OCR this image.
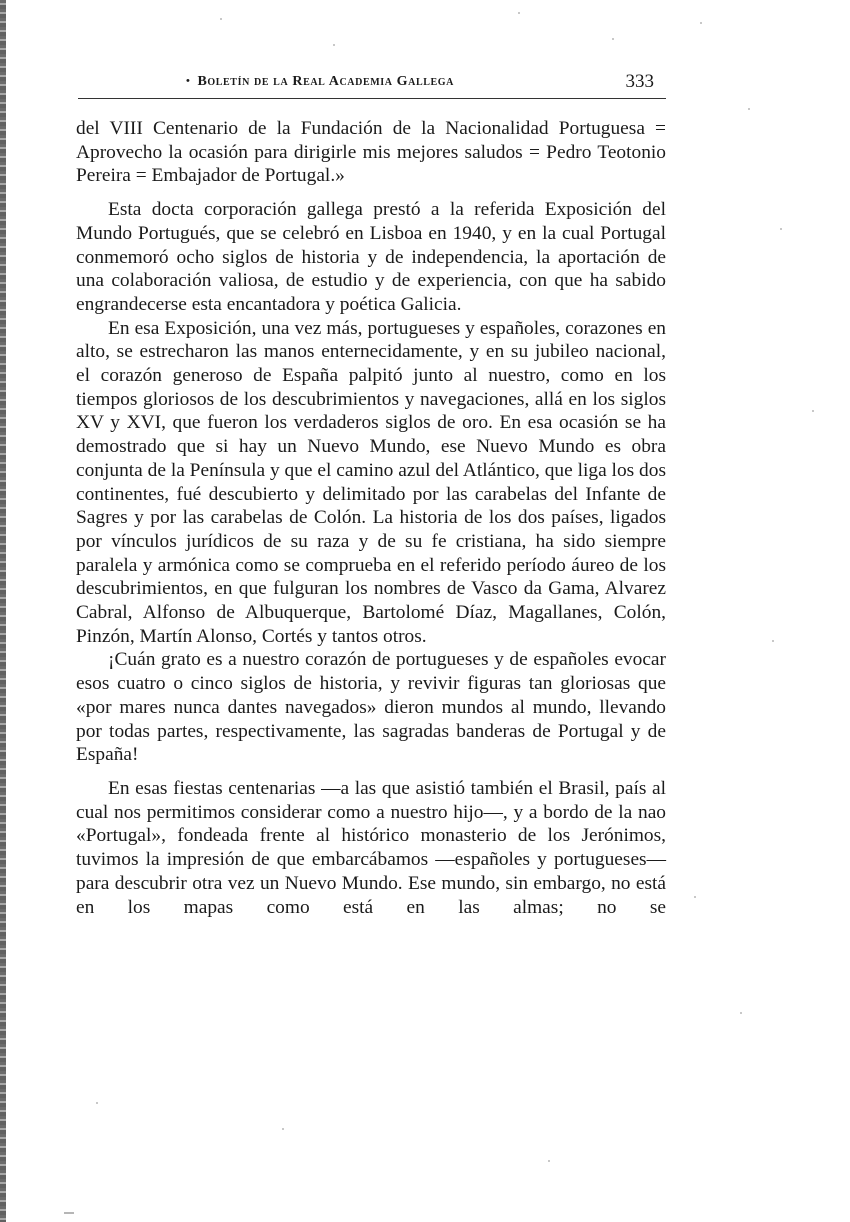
• Boletín de la Real Academia Gallega	333

del VIII Centenario de la Fundación de la Nacionalidad Portuguesa = Aprovecho la ocasión para dirigirle mis mejores saludos = Pedro Teotonio Pereira = Embajador de Portugal.»

Esta docta corporación gallega prestó a la referida Exposición del Mundo Portugués, que se celebró en Lisboa en 1940, y en la cual Portugal conmemoró ocho siglos de historia y de independencia, la aportación de una colaboración valiosa, de estudio y de experiencia, con que ha sabido engrandecerse esta encantadora y poética Galicia.

En esa Exposición, una vez más, portugueses y españoles, corazones en alto, se estrecharon las manos enternecidamente, y en su jubileo nacional, el corazón generoso de España palpitó junto al nuestro, como en los tiempos gloriosos de los descubrimientos y navegaciones, allá en los siglos XV y XVI, que fueron los verdaderos siglos de oro. En esa ocasión se ha demostrado que si hay un Nuevo Mundo, ese Nuevo Mundo es obra conjunta de la Península y que el camino azul del Atlántico, que liga los dos continentes, fué descubierto y delimitado por las carabelas del Infante de Sagres y por las carabelas de Colón. La historia de los dos países, ligados por vínculos jurídicos de su raza y de su fe cristiana, ha sido siempre paralela y armónica como se comprueba en el referido período áureo de los descubrimientos, en que fulguran los nombres de Vasco da Gama, Alvarez Cabral, Alfonso de Albuquerque, Bartolomé Díaz, Magallanes, Colón, Pinzón, Martín Alonso, Cortés y tantos otros.

¡Cuán grato es a nuestro corazón de portugueses y de españoles evocar esos cuatro o cinco siglos de historia, y revivir figuras tan gloriosas que «por mares nunca dantes navegados» dieron mundos al mundo, llevando por todas partes, respectivamente, las sagradas banderas de Portugal y de España!

En esas fiestas centenarias —a las que asistió también el Brasil, país al cual nos permitimos considerar como a nuestro hijo—, y a bordo de la nao «Portugal», fondeada frente al histórico monasterio de los Jerónimos, tuvimos la impresión de que embarcábamos —españoles y portugueses— para descubrir otra vez un Nuevo Mundo. Ese mundo, sin embargo, no está en los mapas como está en las almas; no se
